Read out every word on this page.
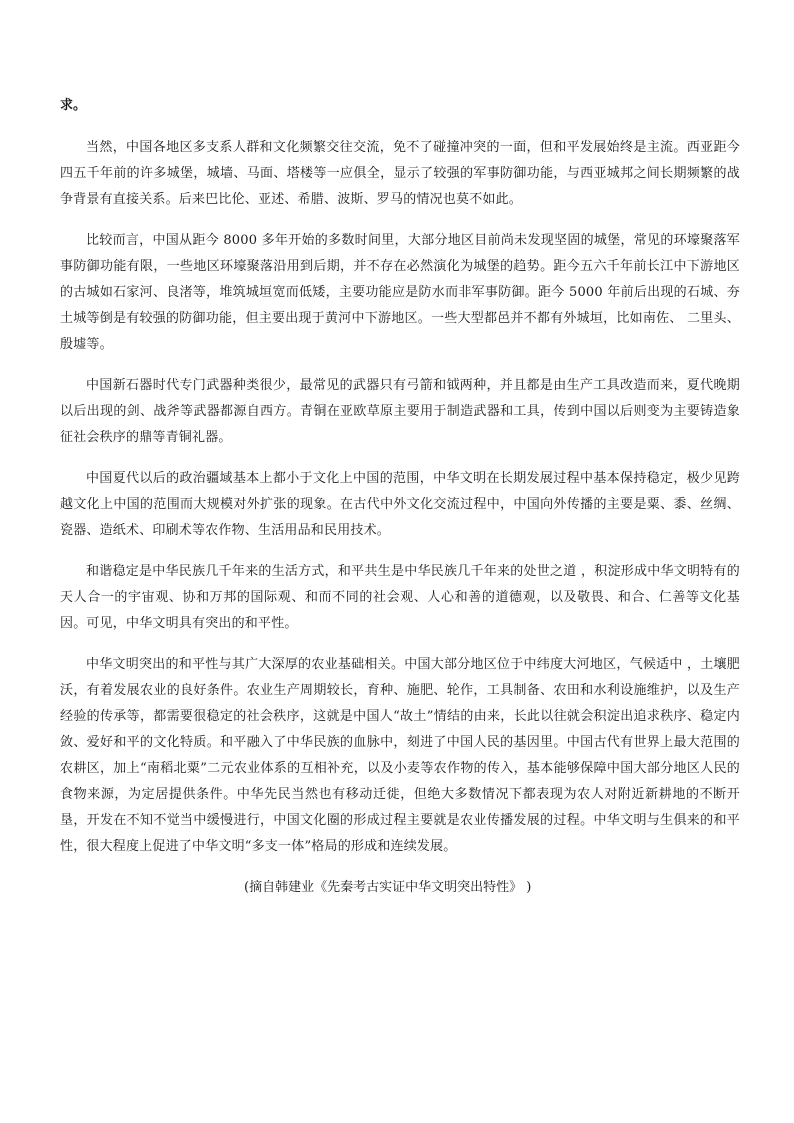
求。

当然，中国各地区多支系人群和文化频繁交往交流，免不了碰撞冲突的一面，但和平发展始终是主流。西亚距今四五千年前的许多城堡，城墙、马面、塔楼等一应俱全，显示了较强的军事防御功能，与西亚城邦之间长期频繁的战争背景有直接关系。后来巴比伦、亚述、希腊、波斯、罗马的情况也莫不如此。

比较而言，中国从距今 8000 多年开始的多数时间里，大部分地区目前尚未发现坚固的城堡，常见的环壕聚落军事防御功能有限，一些地区环壕聚落沿用到后期，并不存在必然演化为城堡的趋势。距今五六千年前长江中下游地区的古城如石家河、良渚等，堆筑城垣宽而低矮，主要功能应是防水而非军事防御。距今 5000 年前后出现的石城、夯土城等倒是有较强的防御功能，但主要出现于黄河中下游地区。一些大型都邑并不都有外城垣，比如南佐、 二里头、 殷墟等。

中国新石器时代专门武器种类很少，最常见的武器只有弓箭和钺两种，并且都是由生产工具改造而来，夏代晚期以后出现的剑、战斧等武器都源自西方。青铜在亚欧草原主要用于制造武器和工具，传到中国以后则变为主要铸造象征社会秩序的鼎等青铜礼器。

中国夏代以后的政治疆域基本上都小于文化上中国的范围，中华文明在长期发展过程中基本保持稳定，极少见跨越文化上中国的范围而大规模对外扩张的现象。在古代中外文化交流过程中，中国向外传播的主要是粟、黍、丝绸、瓷器、造纸术、印刷术等农作物、生活用品和民用技术。

和谐稳定是中华民族几千年来的生活方式，和平共生是中华民族几千年来的处世之道 ，积淀形成中华文明特有的天人合一的宇宙观、协和万邦的国际观、和而不同的社会观、人心和善的道德观，以及敬畏、和合、仁善等文化基因。可见，中华文明具有突出的和平性。

中华文明突出的和平性与其广大深厚的农业基础相关。中国大部分地区位于中纬度大河地区，气候适中 ，土壤肥沃，有着发展农业的良好条件。农业生产周期较长，育种、施肥、轮作，工具制备、农田和水利设施维护，以及生产经验的传承等，都需要很稳定的社会秩序，这就是中国人“故土”情结的由来，长此以往就会积淀出追求秩序、稳定内敛、爱好和平的文化特质。和平融入了中华民族的血脉中，刻进了中国人民的基因里。中国古代有世界上最大范围的农耕区，加上“南稻北粟”二元农业体系的互相补充，以及小麦等农作物的传入，基本能够保障中国大部分地区人民的食物来源，为定居提供条件。中华先民当然也有移动迁徙，但绝大多数情况下都表现为农人对附近新耕地的不断开垦，开发在不知不觉当中缓慢进行，中国文化圈的形成过程主要就是农业传播发展的过程。中华文明与生俱来的和平性，很大程度上促进了中华文明“多支一体”格局的形成和连续发展。

(摘自韩建业《先秦考古实证中华文明突出特性》 )
